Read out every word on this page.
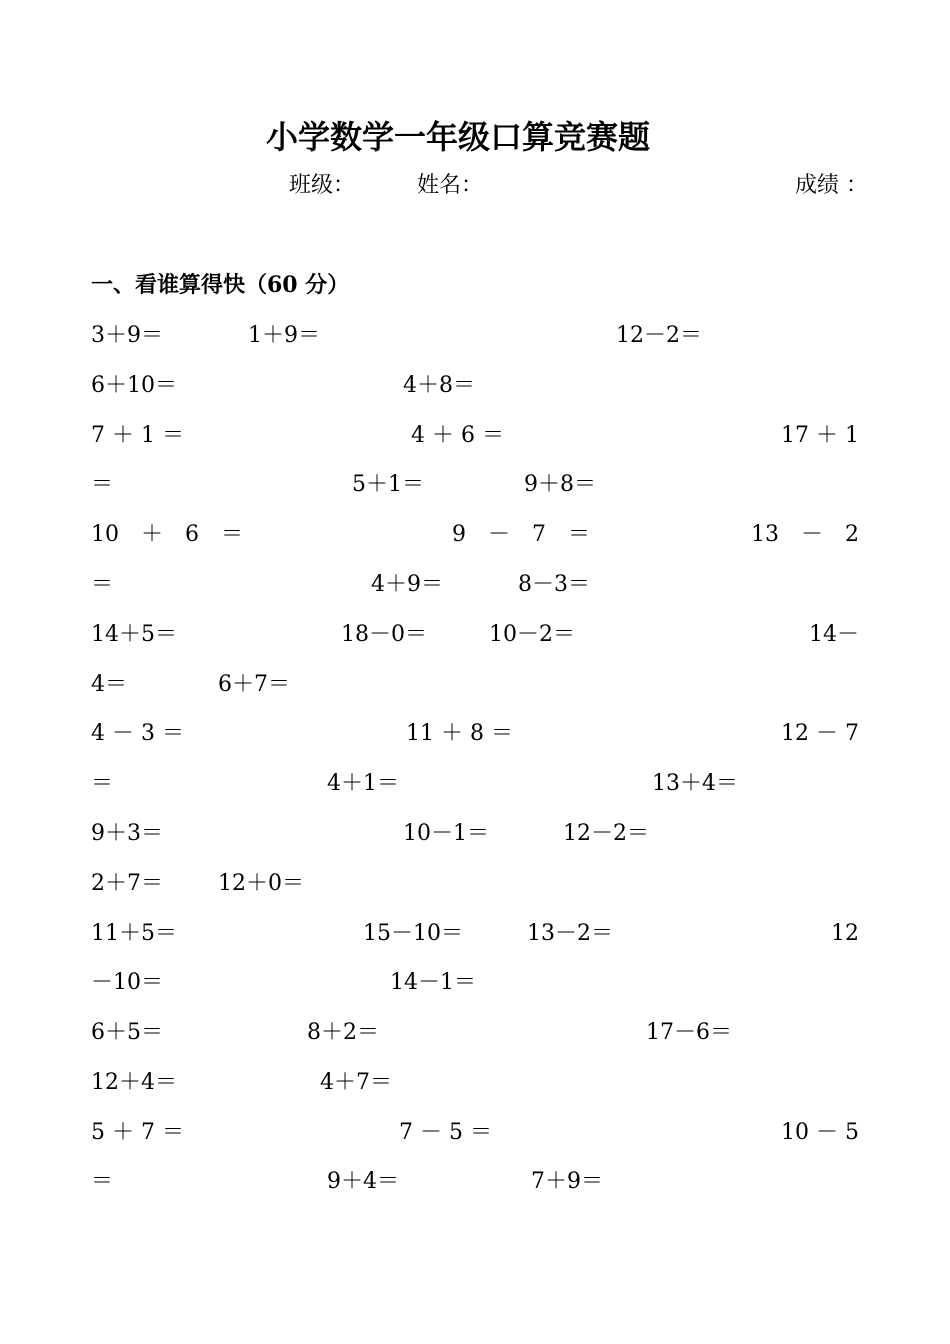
小学数学一年级口算竞赛题
班级：	姓名：	成绩 ：
一、看谁算得快（60 分）
3＋9＝	1＋9＝	12－2＝
6＋10＝	4＋8＝
7 ＋ 1 ＝	4 ＋ 6 ＝	17 ＋ 1
＝	5＋1＝	9＋8＝
10　＋　6　＝	9　－　7　＝	13　－　2
＝	4＋9＝	8－3＝
14＋5＝	18－0＝	10－2＝	14－
4＝	6＋7＝
4 － 3 ＝	11 ＋ 8 ＝	12 － 7
＝	4＋1＝	13＋4＝
9＋3＝	10－1＝	12－2＝
2＋7＝	12＋0＝
11＋5＝	15－10＝	13－2＝	12
－10＝	14－1＝
6＋5＝	8＋2＝	17－6＝
12＋4＝	4＋7＝
5 ＋ 7 ＝	7 － 5 ＝	10 － 5
＝	9＋4＝	7＋9＝
